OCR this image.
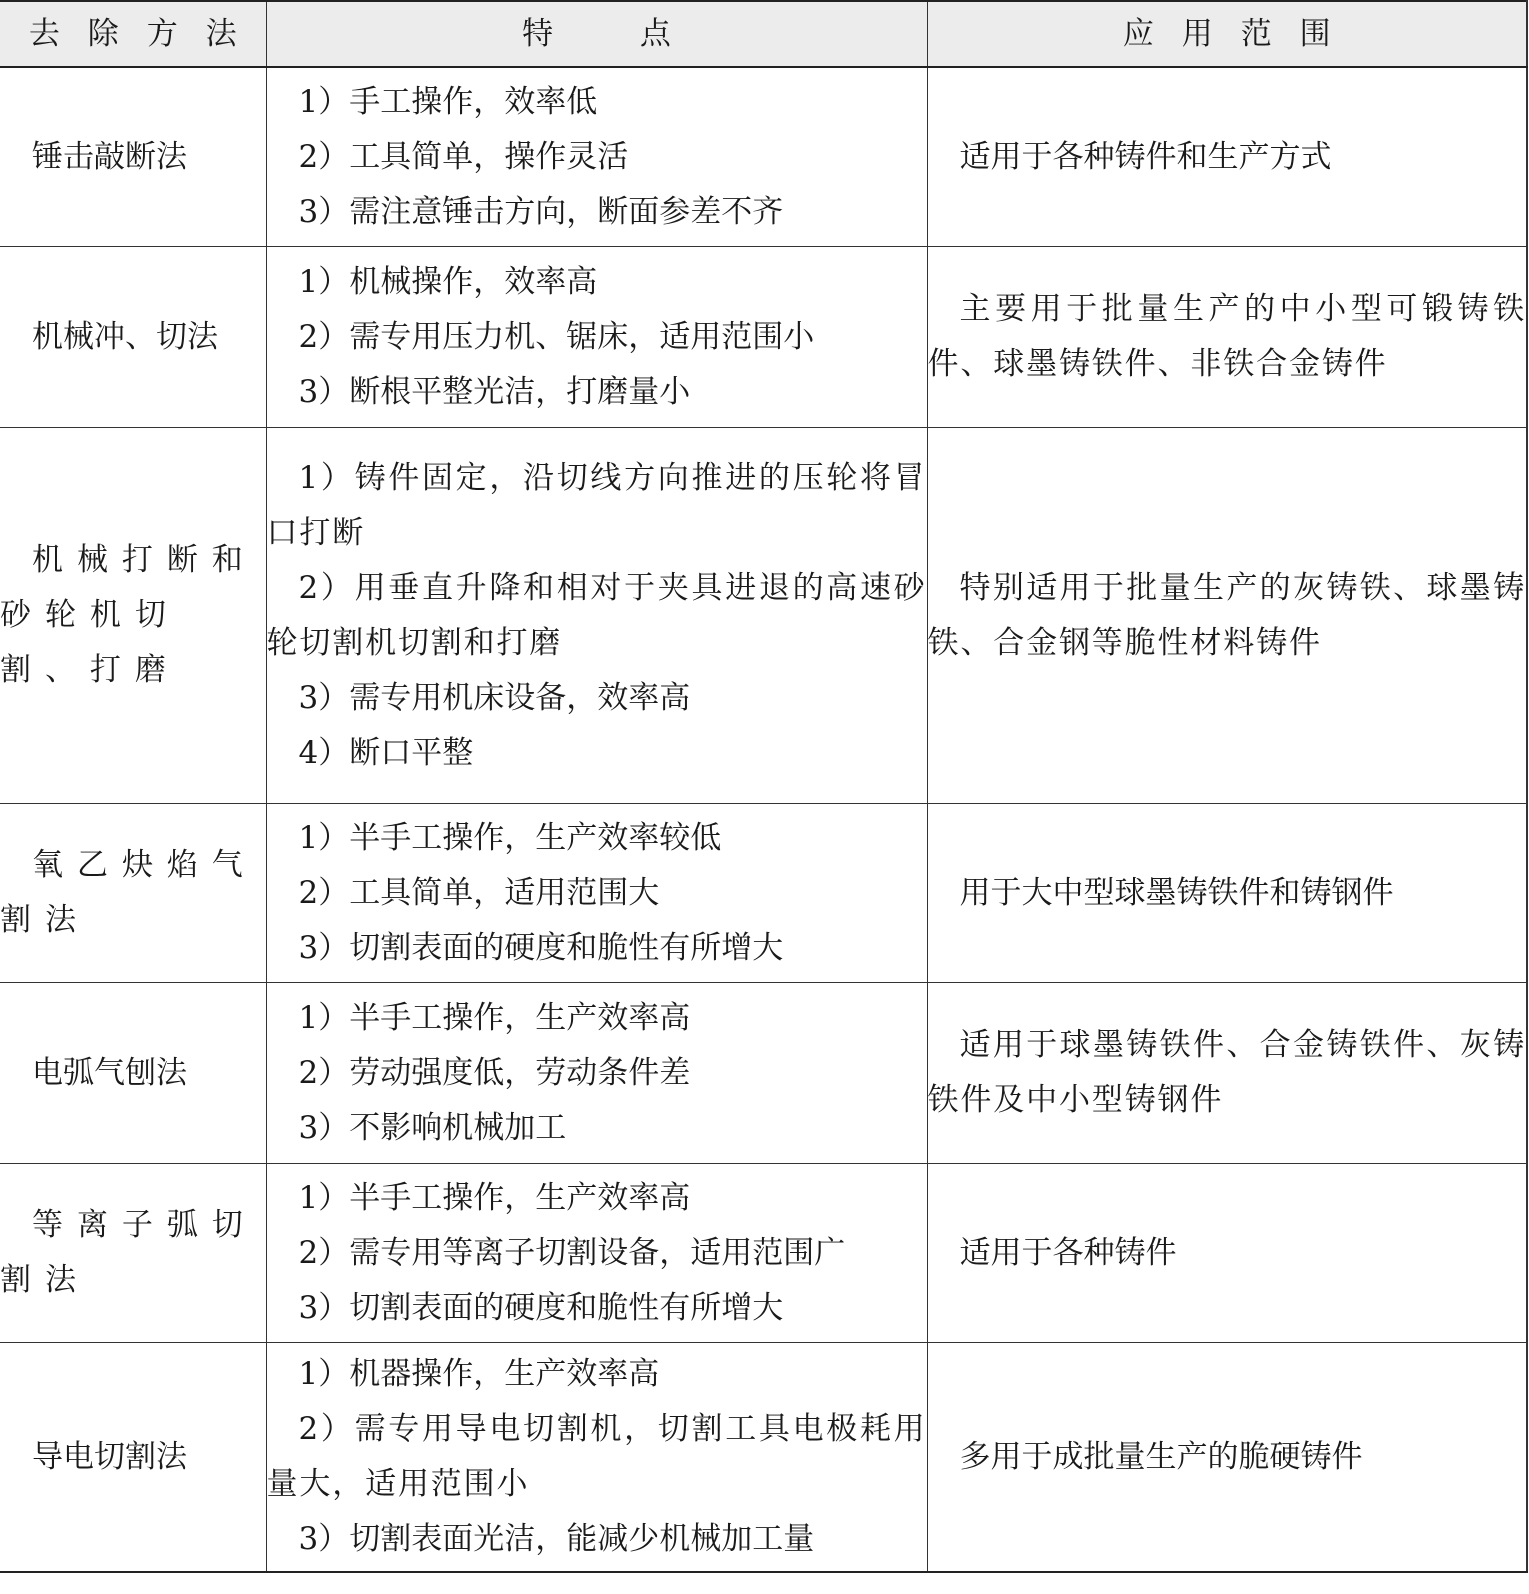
去除方法	特　点	应用范围
锤击敲断法	1）手工操作，效率低
2）工具简单，操作灵活
3）需注意锤击方向，断面参差不齐	适用于各种铸件和生产方式
机械冲、切法	1）机械操作，效率高
2）需专用压力机、锯床，适用范围小
3）断根平整光洁，打磨量小	主要用于批量生产的中小型可锻铸铁件、球墨铸铁件、非铁合金铸件
机械打断和砂轮机切割、打磨	1）铸件固定，沿切线方向推进的压轮将冒口打断
2）用垂直升降和相对于夹具进退的高速砂轮切割机切割和打磨
3）需专用机床设备，效率高
4）断口平整	特别适用于批量生产的灰铸铁、球墨铸铁、合金钢等脆性材料铸件
氧乙炔焰气割法	1）半手工操作，生产效率较低
2）工具简单，适用范围大
3）切割表面的硬度和脆性有所增大	用于大中型球墨铸铁件和铸钢件
电弧气刨法	1）半手工操作，生产效率高
2）劳动强度低，劳动条件差
3）不影响机械加工	适用于球墨铸铁件、合金铸铁件、灰铸铁件及中小型铸钢件
等离子弧切割法	1）半手工操作，生产效率高
2）需专用等离子切割设备，适用范围广
3）切割表面的硬度和脆性有所增大	适用于各种铸件
导电切割法	1）机器操作，生产效率高
2）需专用导电切割机，切割工具电极耗用量大，适用范围小
3）切割表面光洁，能减少机械加工量	多用于成批量生产的脆硬铸件
